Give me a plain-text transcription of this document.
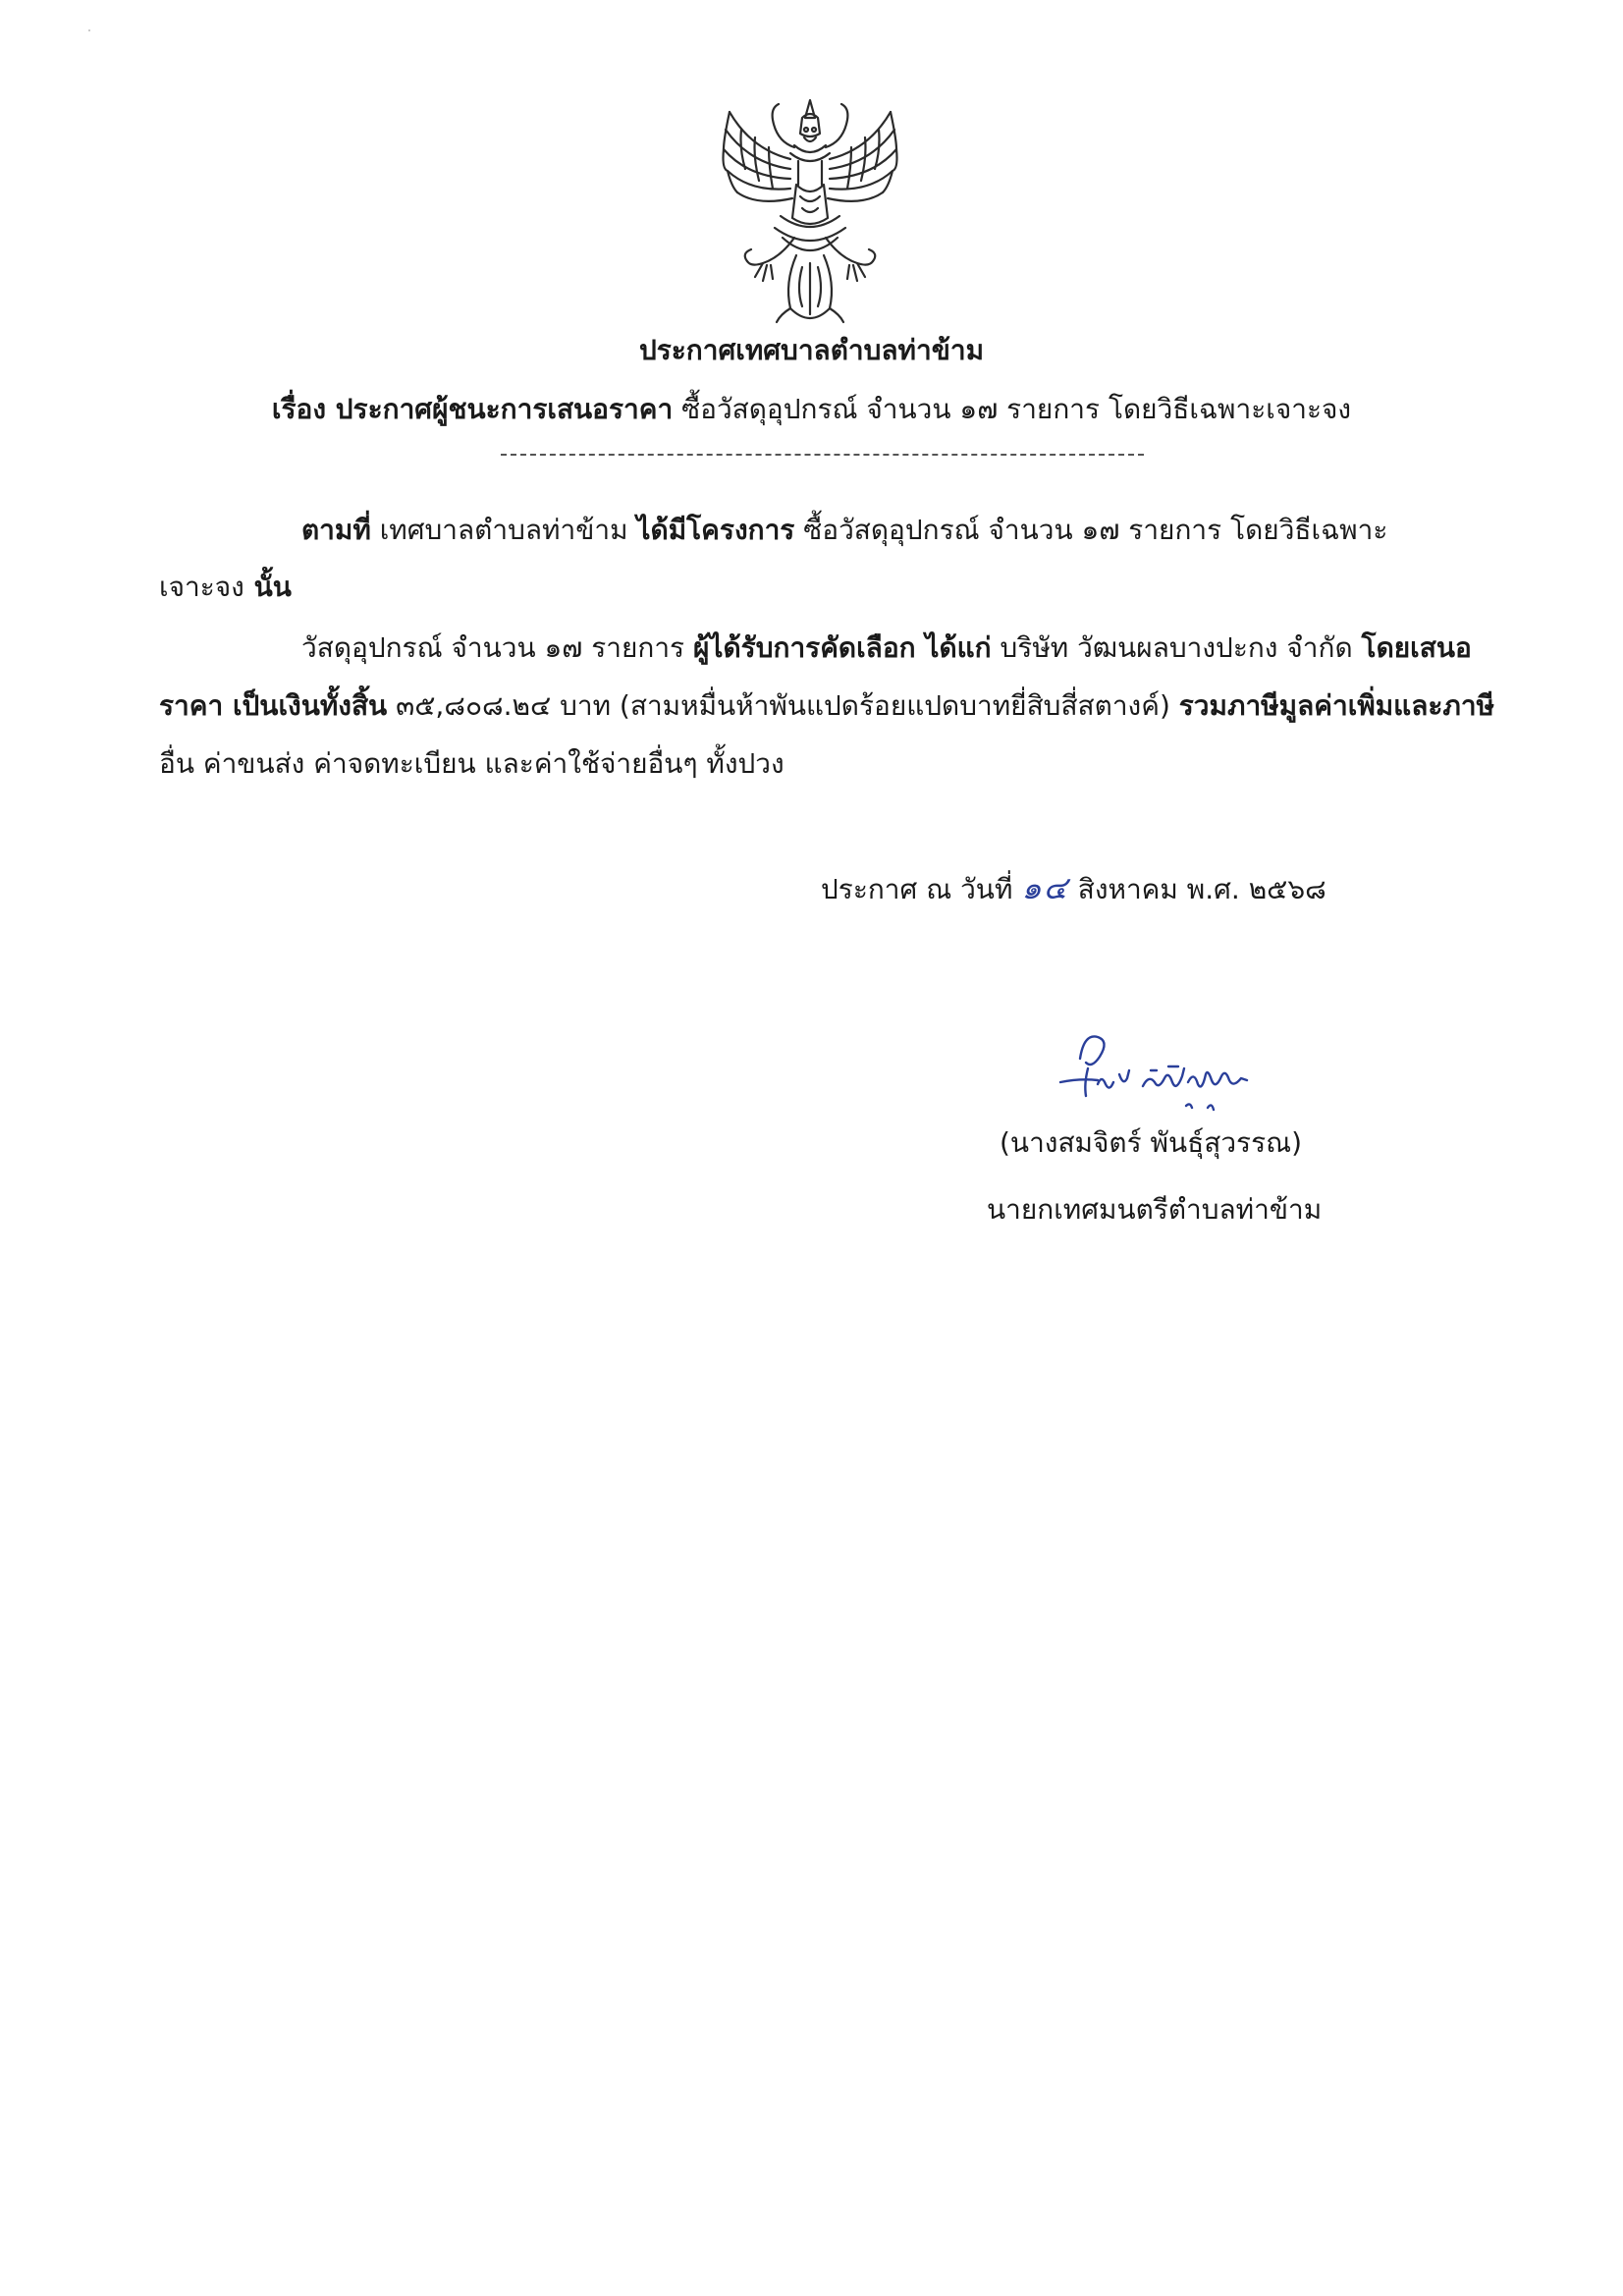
ประกาศเทศบาลตำบลท่าข้าม
เรื่อง ประกาศผู้ชนะการเสนอราคา ซื้อวัสดุอุปกรณ์ จำนวน ๑๗ รายการ โดยวิธีเฉพาะเจาะจง
ตามที่ เทศบาลตำบลท่าข้าม ได้มีโครงการ ซื้อวัสดุอุปกรณ์ จำนวน ๑๗ รายการ โดยวิธีเฉพาะ
เจาะจง นั้น
วัสดุอุปกรณ์ จำนวน ๑๗ รายการ ผู้ได้รับการคัดเลือก ได้แก่ บริษัท วัฒนผลบางปะกง จำกัด โดยเสนอ
ราคา เป็นเงินทั้งสิ้น ๓๕,๘๐๘.๒๔ บาท (สามหมื่นห้าพันแปดร้อยแปดบาทยี่สิบสี่สตางค์) รวมภาษีมูลค่าเพิ่มและภาษี
อื่น ค่าขนส่ง ค่าจดทะเบียน และค่าใช้จ่ายอื่นๆ ทั้งปวง
ประกาศ ณ วันที่ ๑๔ สิงหาคม พ.ศ. ๒๕๖๘
(นางสมจิตร์ พันธุ์สุวรรณ)
นายกเทศมนตรีตำบลท่าข้าม
